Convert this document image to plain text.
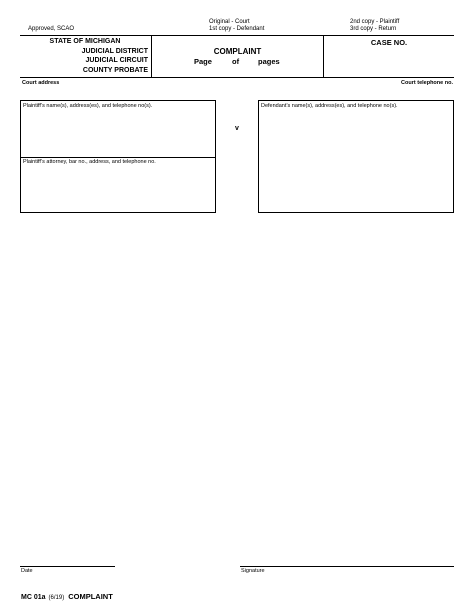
Approved, SCAO
Original - Court
1st copy - Defendant
2nd copy - Plaintiff
3rd copy - Return
STATE OF MICHIGAN
JUDICIAL DISTRICT
JUDICIAL CIRCUIT
COUNTY PROBATE
COMPLAINT
Page	of	pages
CASE NO.
Court address	Court telephone no.
Plaintiff’s name(s), address(es), and telephone no(s).
Plaintiff’s attorney, bar no., address, and telephone no.
v
Defendant’s name(s), address(es), and telephone no(s).
Date	Signature
MC 01a (6/19) COMPLAINT
